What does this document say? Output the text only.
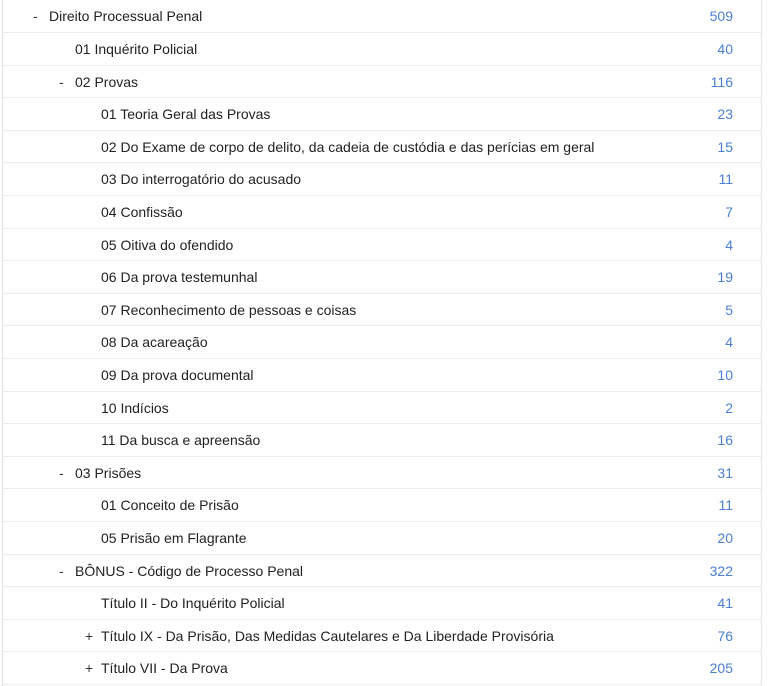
- Direito Processual Penal	509
01 Inquérito Policial	40
- 02 Provas	116
01 Teoria Geral das Provas	23
02 Do Exame de corpo de delito, da cadeia de custódia e das perícias em geral	15
03 Do interrogatório do acusado	11
04 Confissão	7
05 Oitiva do ofendido	4
06 Da prova testemunhal	19
07 Reconhecimento de pessoas e coisas	5
08 Da acareação	4
09 Da prova documental	10
10 Indícios	2
11 Da busca e apreensão	16
- 03 Prisões	31
01 Conceito de Prisão	11
05 Prisão em Flagrante	20
- BÔNUS - Código de Processo Penal	322
Título II - Do Inquérito Policial	41
+ Título IX - Da Prisão, Das Medidas Cautelares e Da Liberdade Provisória	76
+ Título VII - Da Prova	205
